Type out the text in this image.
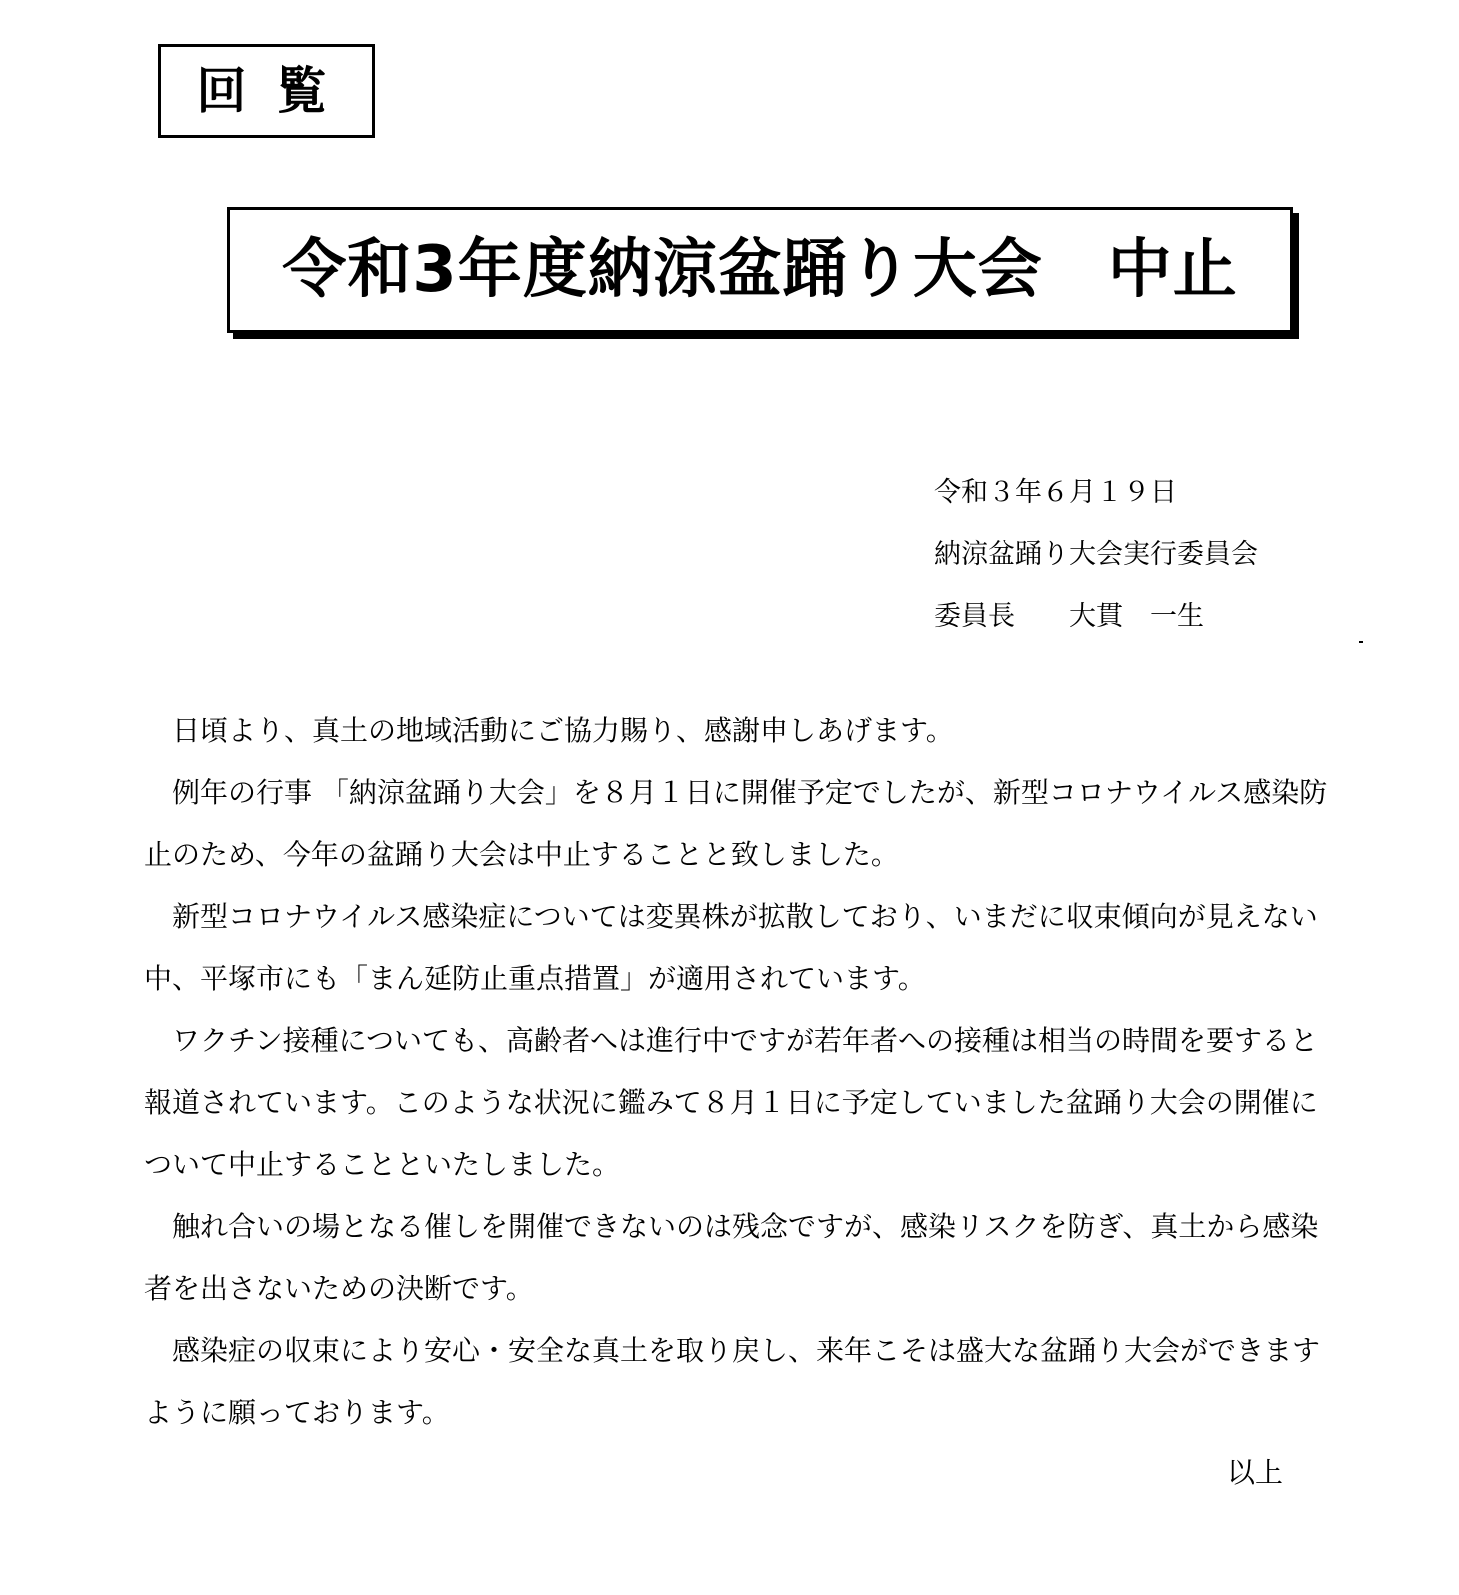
回覧
令和3年度納涼盆踊り大会　中止
令和３年６月１９日
納涼盆踊り大会実行委員会
委員長　　大貫　一生

日頃より、真土の地域活動にご協力賜り、感謝申しあげます。

例年の行事 「納涼盆踊り大会」を８月１日に開催予定でしたが、新型コロナウイルス感染防止のため、今年の盆踊り大会は中止することと致しました。

新型コロナウイルス感染症については変異株が拡散しており、いまだに収束傾向が見えない中、平塚市にも「まん延防止重点措置」が適用されています。

ワクチン接種についても、高齢者へは進行中ですが若年者への接種は相当の時間を要すると報道されています。このような状況に鑑みて８月１日に予定していました盆踊り大会の開催について中止することといたしました。

触れ合いの場となる催しを開催できないのは残念ですが、感染リスクを防ぎ、真土から感染者を出さないための決断です。

感染症の収束により安心・安全な真土を取り戻し、来年こそは盛大な盆踊り大会ができますように願っております。

以上
